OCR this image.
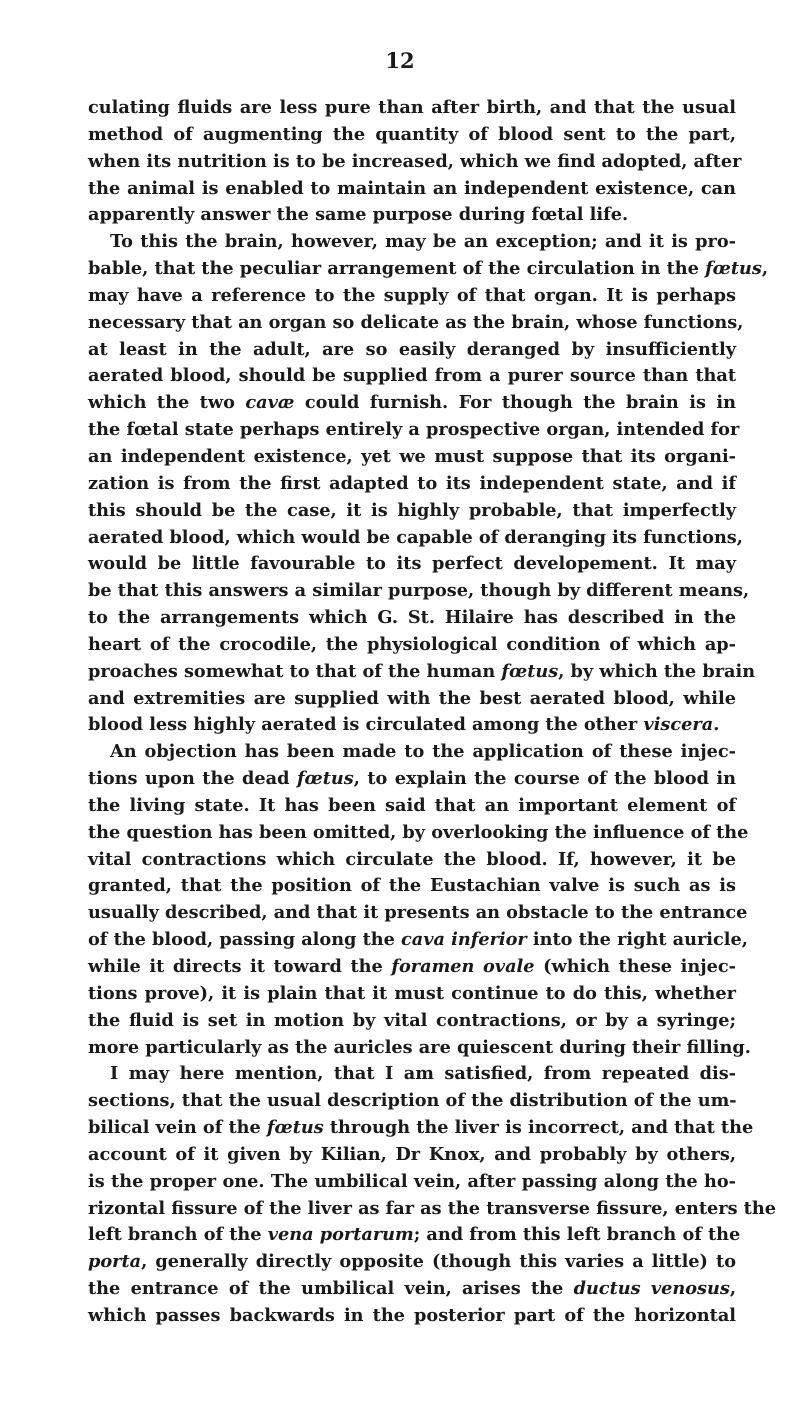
12
culating fluids are less pure than after birth, and that the usual
method of augmenting the quantity of blood sent to the part,
when its nutrition is to be increased, which we find adopted, after
the animal is enabled to maintain an independent existence, can
apparently answer the same purpose during fœtal life.
To this the brain, however, may be an exception; and it is pro-
bable, that the peculiar arrangement of the circulation in the fœtus,
may have a reference to the supply of that organ. It is perhaps
necessary that an organ so delicate as the brain, whose functions,
at least in the adult, are so easily deranged by insufficiently
aerated blood, should be supplied from a purer source than that
which the two cavæ could furnish. For though the brain is in
the fœtal state perhaps entirely a prospective organ, intended for
an independent existence, yet we must suppose that its organi-
zation is from the first adapted to its independent state, and if
this should be the case, it is highly probable, that imperfectly
aerated blood, which would be capable of deranging its functions,
would be little favourable to its perfect developement. It may
be that this answers a similar purpose, though by different means,
to the arrangements which G. St. Hilaire has described in the
heart of the crocodile, the physiological condition of which ap-
proaches somewhat to that of the human fœtus, by which the brain
and extremities are supplied with the best aerated blood, while
blood less highly aerated is circulated among the other viscera.
An objection has been made to the application of these injec-
tions upon the dead fœtus, to explain the course of the blood in
the living state. It has been said that an important element of
the question has been omitted, by overlooking the influence of the
vital contractions which circulate the blood. If, however, it be
granted, that the position of the Eustachian valve is such as is
usually described, and that it presents an obstacle to the entrance
of the blood, passing along the cava inferior into the right auricle,
while it directs it toward the foramen ovale (which these injec-
tions prove), it is plain that it must continue to do this, whether
the fluid is set in motion by vital contractions, or by a syringe;
more particularly as the auricles are quiescent during their filling.
I may here mention, that I am satisfied, from repeated dis-
sections, that the usual description of the distribution of the um-
bilical vein of the fœtus through the liver is incorrect, and that the
account of it given by Kilian, Dr Knox, and probably by others,
is the proper one. The umbilical vein, after passing along the ho-
rizontal fissure of the liver as far as the transverse fissure, enters the
left branch of the vena portarum; and from this left branch of the
porta, generally directly opposite (though this varies a little) to
the entrance of the umbilical vein, arises the ductus venosus,
which passes backwards in the posterior part of the horizontal
